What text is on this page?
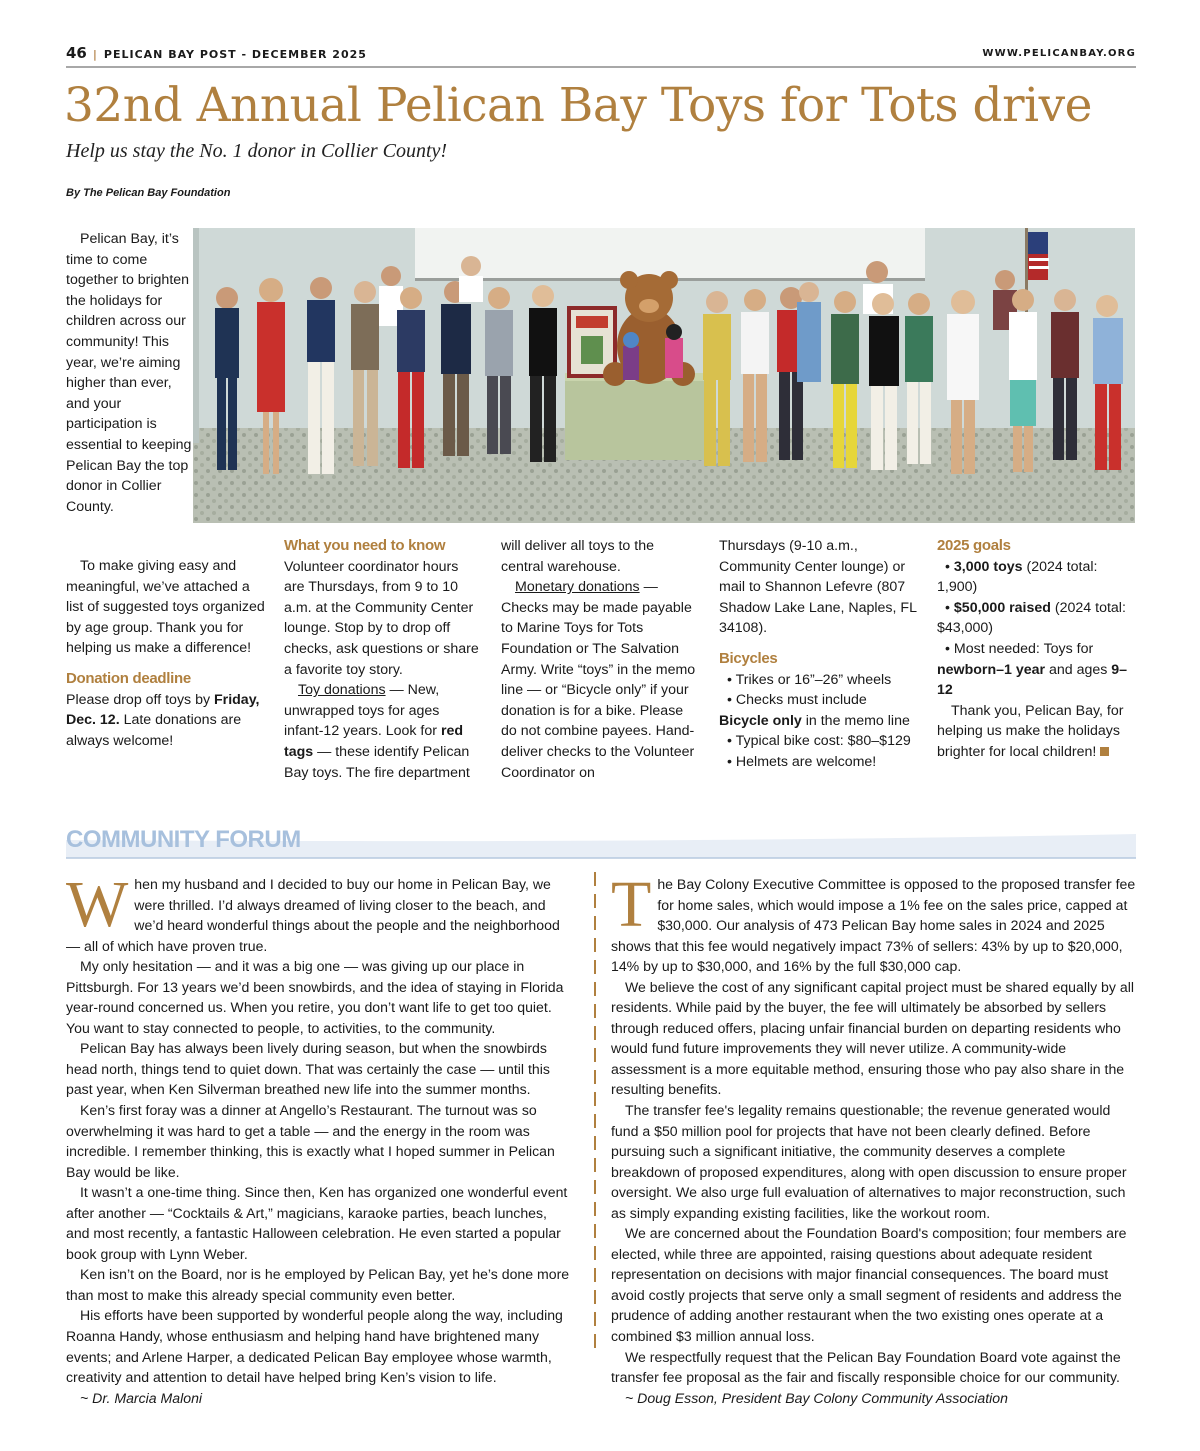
46 | PELICAN BAY POST - DECEMBER 2025	WWW.PELICANBAY.ORG
32nd Annual Pelican Bay Toys for Tots drive
Help us stay the No. 1 donor in Collier County!
By The Pelican Bay Foundation

Pelican Bay, it’s time to come together to brighten the holidays for children across our community! This year, we’re aiming higher than ever, and your participation is essential to keeping Pelican Bay the top donor in Collier County.

To make giving easy and meaningful, we’ve attached a list of suggested toys organized by age group. Thank you for helping us make a difference!

Donation deadline

Please drop off toys by Friday, Dec. 12. Late donations are always welcome!

What you need to know

Volunteer coordinator hours are Thursdays, from 9 to 10 a.m. at the Community Center lounge. Stop by to drop off checks, ask questions or share a favorite toy story.

Toy donations — New, unwrapped toys for ages infant-12 years. Look for red tags — these identify Pelican Bay toys. The fire department

will deliver all toys to the central warehouse.

Monetary donations — Checks may be made payable to Marine Toys for Tots Foundation or The Salvation Army. Write “toys” in the memo line — or “Bicycle only” if your donation is for a bike. Please do not combine payees. Hand-deliver checks to the Volunteer Coordinator on

Thursdays (9-10 a.m., Community Center lounge) or mail to Shannon Lefevre (807 Shadow Lake Lane, Naples, FL 34108).

Bicycles

• Trikes or 16”–26” wheels

• Checks must include Bicycle only in the memo line

• Typical bike cost: $80–$129

• Helmets are welcome!

2025 goals

• 3,000 toys (2024 total: 1,900)

• $50,000 raised (2024 total: $43,000)

• Most needed: Toys for newborn–1 year and ages 9–12

Thank you, Pelican Bay, for helping us make the holidays brighter for local children!

COMMUNITY FORUM

When my husband and I decided to buy our home in Pelican Bay, we were thrilled. I’d always dreamed of living closer to the beach, and we’d heard wonderful things about the people and the neighborhood — all of which have proven true.

My only hesitation — and it was a big one — was giving up our place in Pittsburgh. For 13 years we’d been snowbirds, and the idea of staying in Florida year-round concerned us. When you retire, you don’t want life to get too quiet. You want to stay connected to people, to activities, to the community.

Pelican Bay has always been lively during season, but when the snowbirds head north, things tend to quiet down. That was certainly the case — until this past year, when Ken Silverman breathed new life into the summer months.

Ken’s first foray was a dinner at Angello’s Restaurant. The turnout was so overwhelming it was hard to get a table — and the energy in the room was incredible. I remember thinking, this is exactly what I hoped summer in Pelican Bay would be like.

It wasn’t a one-time thing. Since then, Ken has organized one wonderful event after another — “Cocktails & Art,” magicians, karaoke parties, beach lunches, and most recently, a fantastic Halloween celebration. He even started a popular book group with Lynn Weber.

Ken isn’t on the Board, nor is he employed by Pelican Bay, yet he’s done more than most to make this already special community even better.

His efforts have been supported by wonderful people along the way, including Roanna Handy, whose enthusiasm and helping hand have brightened many events; and Arlene Harper, a dedicated Pelican Bay employee whose warmth, creativity and attention to detail have helped bring Ken’s vision to life.

~ Dr. Marcia Maloni

The Bay Colony Executive Committee is opposed to the proposed transfer fee for home sales, which would impose a 1% fee on the sales price, capped at $30,000. Our analysis of 473 Pelican Bay home sales in 2024 and 2025 shows that this fee would negatively impact 73% of sellers: 43% by up to $20,000, 14% by up to $30,000, and 16% by the full $30,000 cap.

We believe the cost of any significant capital project must be shared equally by all residents. While paid by the buyer, the fee will ultimately be absorbed by sellers through reduced offers, placing unfair financial burden on departing residents who would fund future improvements they will never utilize. A community-wide assessment is a more equitable method, ensuring those who pay also share in the resulting benefits.

The transfer fee's legality remains questionable; the revenue generated would fund a $50 million pool for projects that have not been clearly defined. Before pursuing such a significant initiative, the community deserves a complete breakdown of proposed expenditures, along with open discussion to ensure proper oversight. We also urge full evaluation of alternatives to major reconstruction, such as simply expanding existing facilities, like the workout room.

We are concerned about the Foundation Board's composition; four members are elected, while three are appointed, raising questions about adequate resident representation on decisions with major financial consequences. The board must avoid costly projects that serve only a small segment of residents and address the prudence of adding another restaurant when the two existing ones operate at a combined $3 million annual loss.

We respectfully request that the Pelican Bay Foundation Board vote against the transfer fee proposal as the fair and fiscally responsible choice for our community.

~ Doug Esson, President Bay Colony Community Association
